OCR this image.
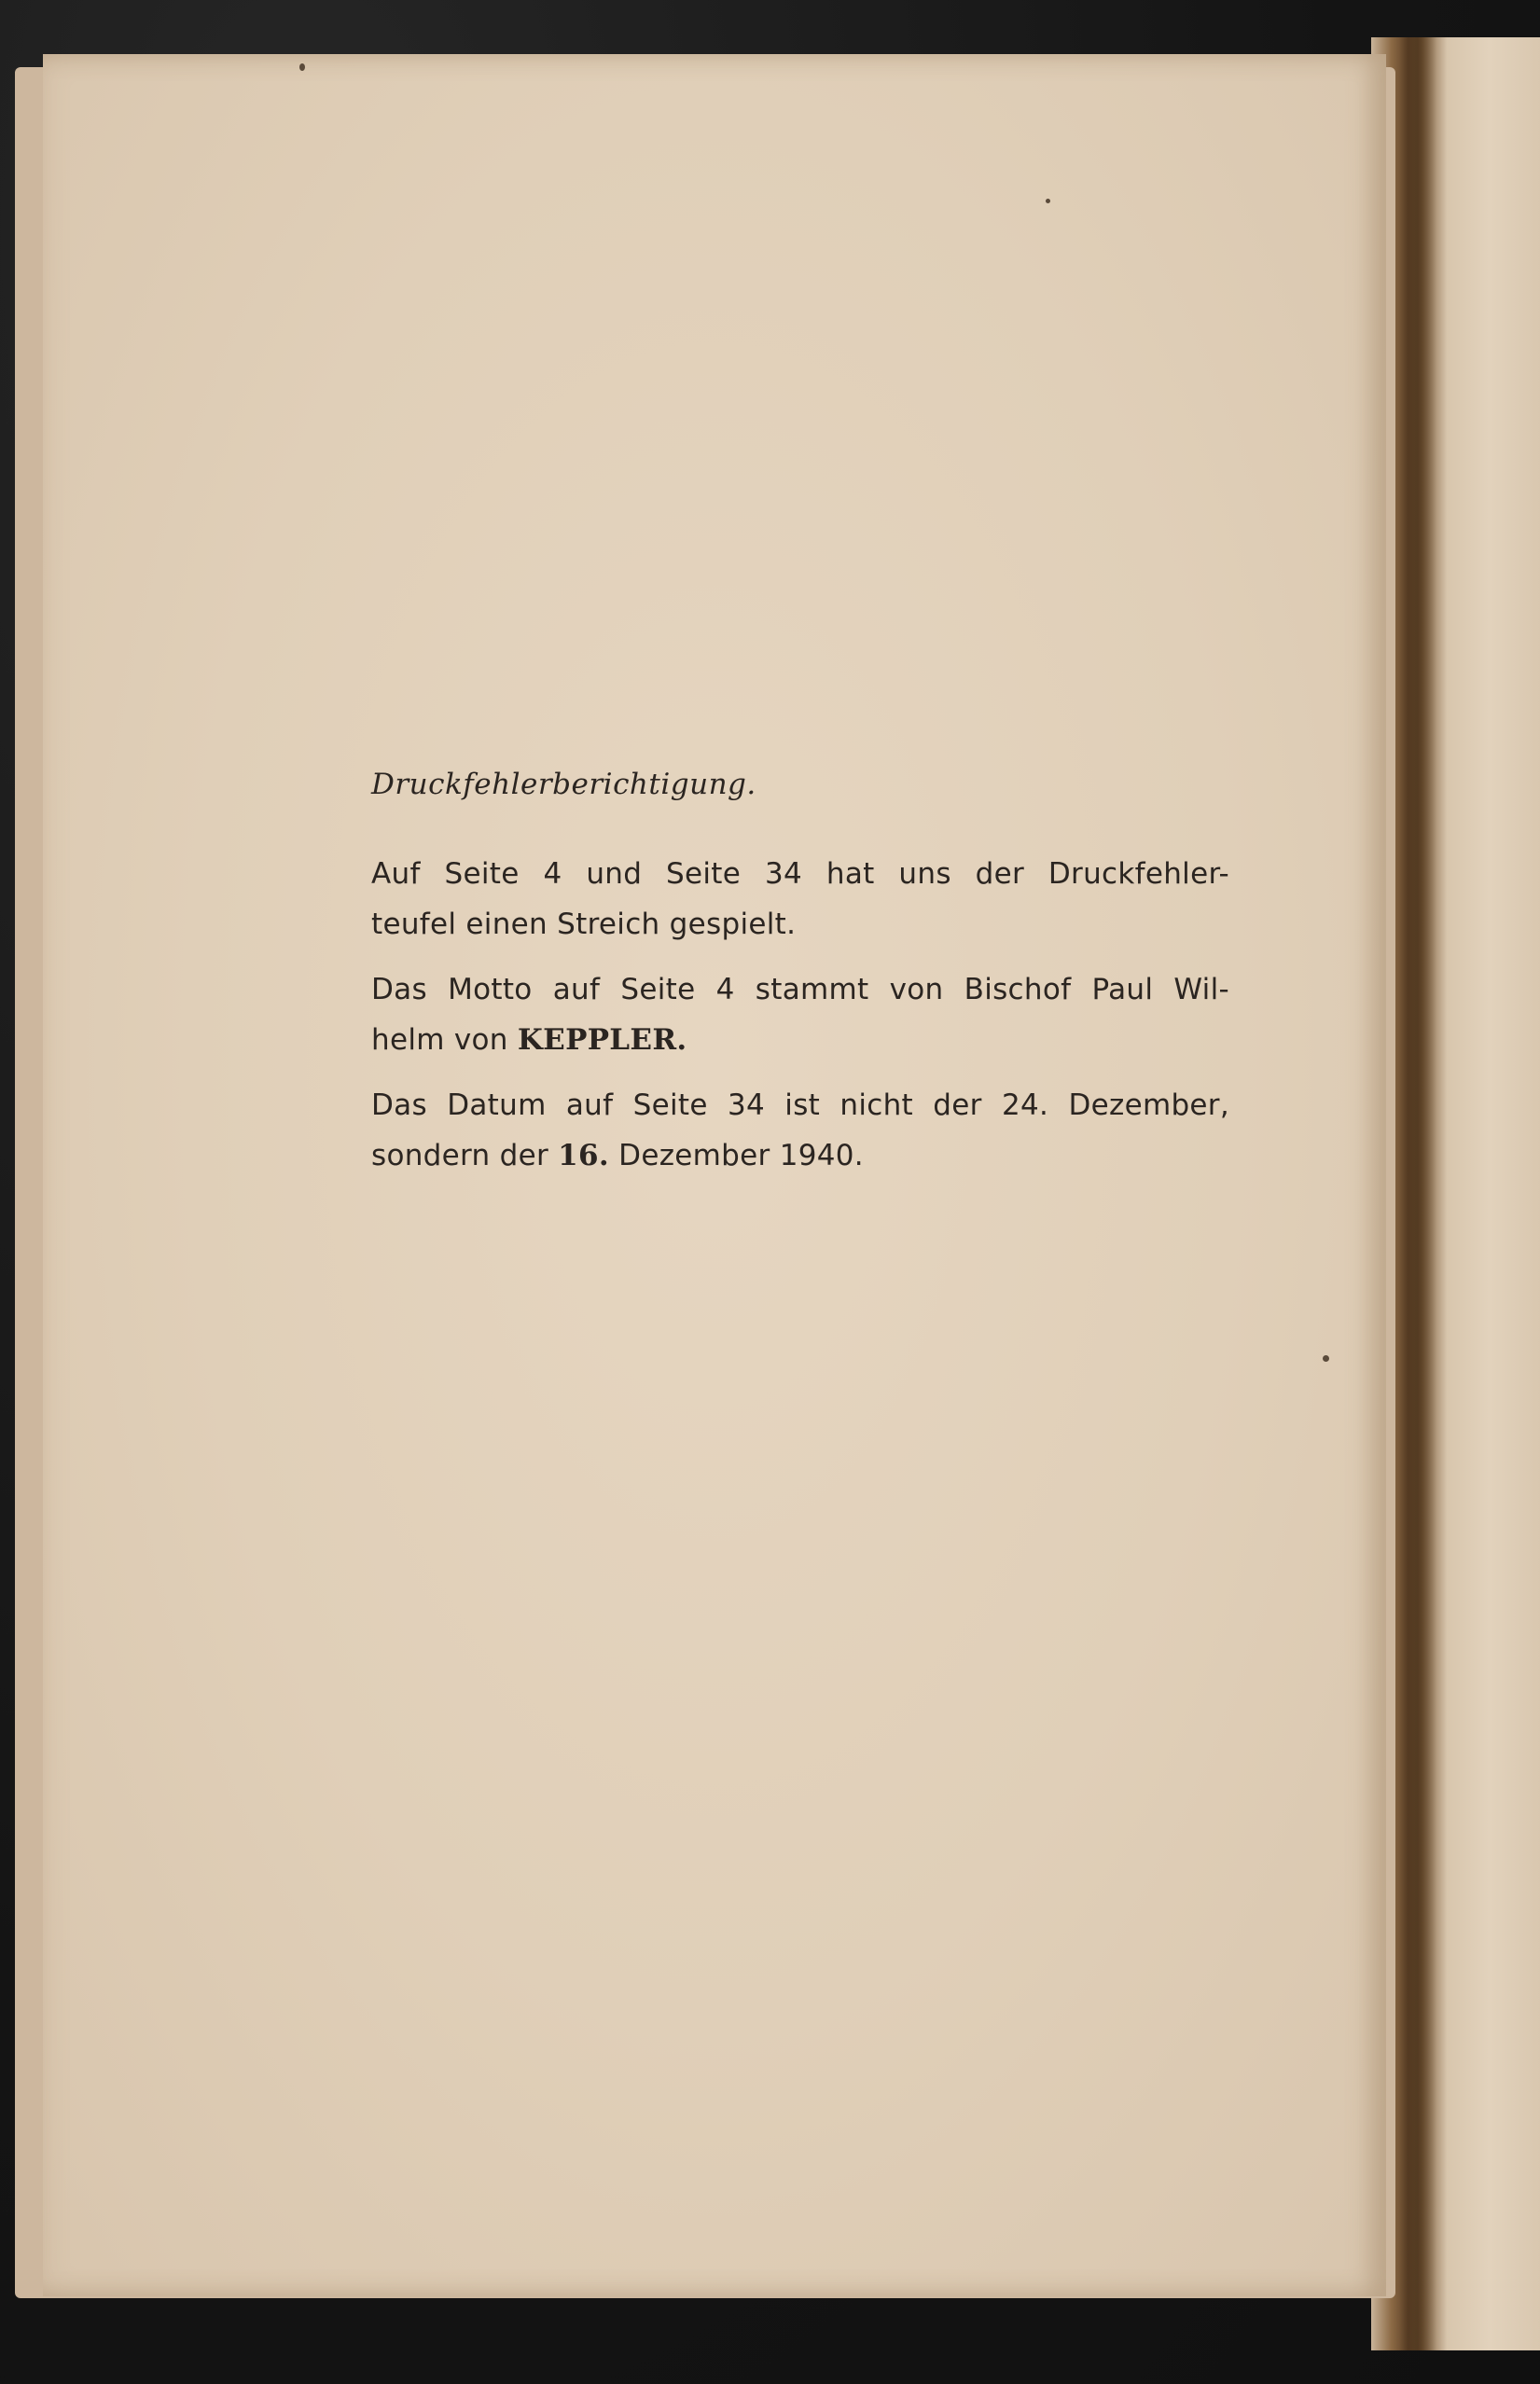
Druckfehlerberichtigung.
Auf Seite 4 und Seite 34 hat uns der Druckfehler-
teufel einen Streich gespielt.
Das Motto auf Seite 4 stammt von Bischof Paul Wil-
helm von KEPPLER.
Das Datum auf Seite 34 ist nicht der 24. Dezember,
sondern der 16. Dezember 1940.
